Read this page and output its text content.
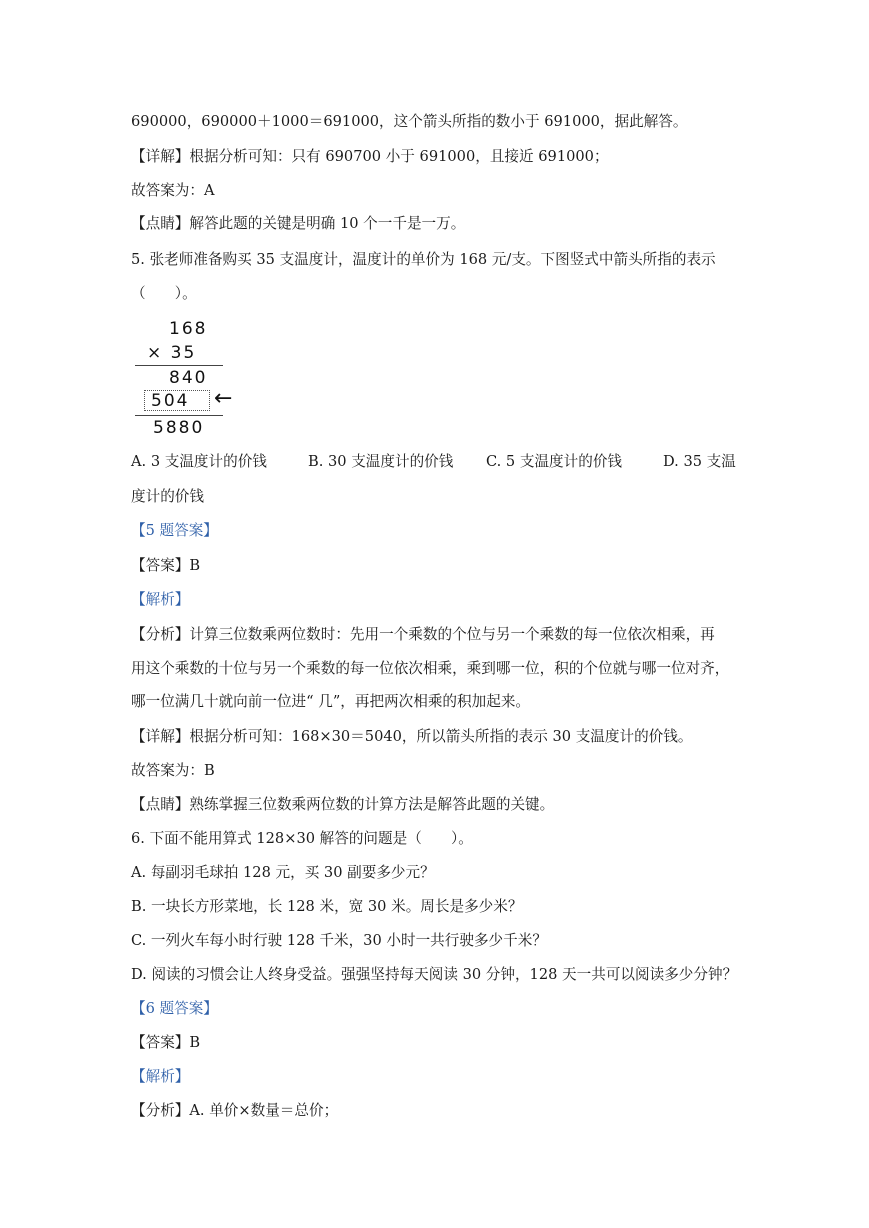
690000，690000＋1000＝691000，这个箭头所指的数小于 691000，据此解答。
【详解】根据分析可知：只有 690700 小于 691000，且接近 691000；
故答案为：A
【点睛】解答此题的关键是明确 10 个一千是一万。
5. 张老师准备购买 35 支温度计，温度计的单价为 168 元/支。下图竖式中箭头所指的表示
（　　）。
168
× 35
840
504 ←
5880
A. 3 支温度计的价钱	B. 30 支温度计的价钱 C. 5 支温度计的价钱	D. 35 支温
度计的价钱
【5 题答案】
【答案】B
【解析】
【分析】计算三位数乘两位数时：先用一个乘数的个位与另一个乘数的每一位依次相乘，再
用这个乘数的十位与另一个乘数的每一位依次相乘，乘到哪一位，积的个位就与哪一位对齐，
哪一位满几十就向前一位进“ 几”，再把两次相乘的积加起来。
【详解】根据分析可知：168×30＝5040，所以箭头所指的表示 30 支温度计的价钱。
故答案为：B
【点睛】熟练掌握三位数乘两位数的计算方法是解答此题的关键。
6. 下面不能用算式 128×30 解答的问题是（　　）。
A. 每副羽毛球拍 128 元，买 30 副要多少元？
B. 一块长方形菜地，长 128 米，宽 30 米。周长是多少米？
C. 一列火车每小时行驶 128 千米，30 小时一共行驶多少千米？
D. 阅读的习惯会让人终身受益。强强坚持每天阅读 30 分钟，128 天一共可以阅读多少分钟？
【6 题答案】
【答案】B
【解析】
【分析】A. 单价×数量＝总价；
